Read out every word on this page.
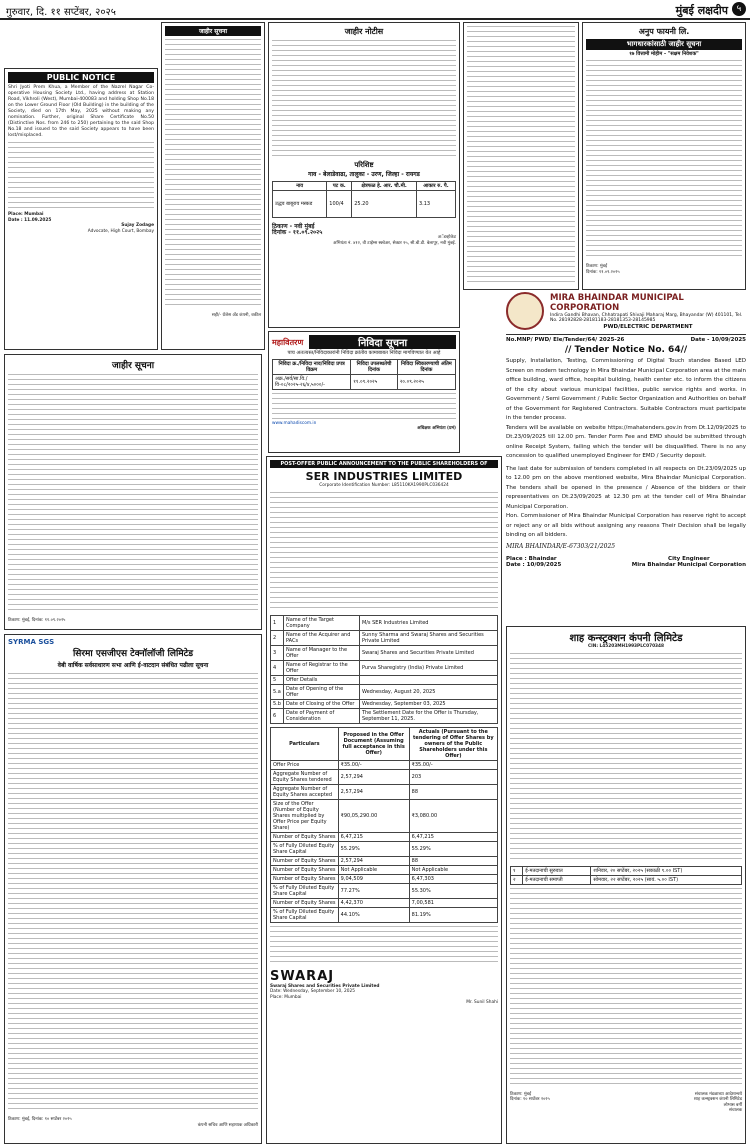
गुरुवार, दि. ११ सप्टेंबर, २०२५	मुंबई लक्षदीप ५
PUBLIC NOTICE
Shri Jyoti Prem Khua, a Member of the Nazrel Nagar Co-operative Housing Society Ltd., having address at Station Road, Vikhroli (West), Mumbai-400083 and holding Shop No.18 on the Lower Ground Floor (Old Building) in the building of the Society, died on 17th May, 2025 without making any nomination. Further, original Share Certificate No.50 (Distinctive Nos. from 246 to 250) pertaining to the said Shop No.18 and issued to the said Society appears to have been lost/misplaced.
Place: Mumbai
Date : 11.09.2025
Sujay Zodage
Advocate, High Court, Bombay
जाहीर सूचना
सही/- ग्रॅजेस अँड कंपनी, वकील
जाहीर नोटीस
परिशिष्ट
गाव - बेलाडेवाढा, तालुका - उरण, जिल्हा - रायगड
नाव	पट क.	क्षेत्रफळ हे. आर. चौ.मी.	आकार रु. पै.
उद्धव बाबूराव मस्कड	100/4	25.20	3.13
ठिकाण - नवी मुंबई
दिनांक - ११.०९.२०२५
अॅडव्होकेट
अभियंता नं. ४१२, वी टाईम्स स्क्वेअर, सेक्टर १५, सी.बी.डी. बेलापूर, नवी मुंबई.
महावितरण	निविदा सूचना
पाच अतःत्यस्त/निविदाकारांनी निविदा क्रांतीय कामाबाबत निविदा मागविण्यात येत आहे
निविदा क्र./निविदा नाव/निविदा प्रपत्र विक्रम	निविदा उपलब्धतेची दिनांक	निविदा स्विकारण्याची अंतिम दिनांक
अक्र./सर्व/सा.वि./वि-०८/२०२५-२६/४,५०००/-	११.०९.२०२५	२०.०९.२०२५
www.mahadiscom.in
अधिक्षक अभियंता (प्रमं)
जाहीर सूचना
ठिकाण: मुंबई, दिनांक: ११.०९.२०२५
SYRMA SGS
सिरमा एसजीएस टेक्नॉलॉजी लिमिटेड
वेबी वार्षिक सर्वसाधारण सभा आणि ई-वाटदान संबंधित पढीला सूचना
ठिकाण: मुंबई, दिनांक: १० सप्टेंबर २०२५
कंपनी सचिव आणि सहाय्यक अधिकारी
POST-OFFER PUBLIC ANNOUNCEMENT TO THE PUBLIC SHAREHOLDERS OF
SER INDUSTRIES LIMITED
Corporate Identification Number: L85110KA1990PLC036424
1	Name of the Target Company	M/s SER Industries Limited
2	Name of the Acquirer and PACs	Sunny Sharma and Swaraj Shares and Securities Private Limited
3	Name of Manager to the Offer	Swaraj Shares and Securities Private Limited
4	Name of Registrar to the Offer	Purva Sharegistry (India) Private Limited
5	Offer Details	
5.a	Date of Opening of the Offer	Wednesday, August 20, 2025
5.b	Date of Closing of the Offer	Wednesday, September 03, 2025
6	Date of Payment of Consideration	The Settlement Date for the Offer is Thursday, September 11, 2025.
Particulars	Proposed in the Offer Document (Assuming full acceptance in this Offer)	Actuals (Pursuant to the tendering of Offer Shares by owners of the Public Shareholders under this Offer)
Offer Price	₹35.00/-	₹35.00/-
Aggregate Number of Equity Shares tendered	2,57,294	203
Aggregate Number of Equity Shares accepted	2,57,294	88
Size of the Offer (Number of Equity Shares multiplied by Offer Price per Equity Share)	₹90,05,290.00	₹3,080.00
Number of Equity Shares	6,47,215	6,47,215
% of Fully Diluted Equity Share Capital	55.29%	55.29%
Number of Equity Shares	2,57,294	88
Number of Equity Shares	Not Applicable	Not Applicable
Number of Equity Shares	9,04,509	6,47,303
% of Fully Diluted Equity Share Capital	77.27%	55.30%
Number of Equity Shares	4,42,370	7,00,581
% of Fully Diluted Equity Share Capital	44.10%	81.19%
SWARAJ
Swaraj Shares and Securities Private Limited
Date: Wednesday, September 10, 2025
Place: Mumbai
Mr. Sunil Shahi
अनुप फायनी लि.
भागधारकांसाठी जाहीर सूचना
१७ वित्तामी मोहीम - "सक्षम निवेशक"
ठिकाण: मुंबई
दिनांक: ११.०९.२०२५
MIRA BHAINDAR MUNICIPAL CORPORATION
Indira Gandhi Bhavan, Chhatrapati Shivaji Maharaj Marg, Bhayandar (W) 401101, Tel. No. 28192828-28181183-28181353-28145985
PWD/ELECTRIC DEPARTMENT
No.MNP/ PWD/ Ele/Tender/64/ 2025-26	Date - 10/09/2025
// Tender Notice No. 64//
Supply, Installation, Testing, Commissioning of Digital Touch standee Based LED Screen on modern technology in Mira Bhaindar Municipal Corporation area at the main office building, ward office, hospital building, health center etc. to inform the citizens of the city about various municipal facilities, public service rights and works. in Government / Semi Government / Public Sector Organization and Authorities on behalf of the Government for Registered Contractors. Suitable Contractors must participate in the tender process.
Tenders will be available on website https://mahatenders.gov.in from Dt.12/09/2025 to Dt.23/09/2025 till 12.00 pm. Tender Form Fee and EMD should be submitted through online Receipt System, failing which the tender will be disqualified. There is no any concession to qualified unemployed Engineer for EMD / Security deposit.
The last date for submission of tenders completed in all respects on Dt.23/09/2025 up to 12.00 pm on the above mentioned website, Mira Bhaindar Municipal Corporation. The tenders shall be opened in the presence / Absence of the bidders or their representatives on Dt.23/09/2025 at 12.30 pm at the tender cell of Mira Bhaindar Municipal Corporation.
Hon. Commissioner of Mira Bhaindar Municipal Corporation has reserve right to accept or reject any or all bids without assigning any reasons Their Decision shall be legally binding on all bidders.
MIRA BHAINDAR/E-67303/21/2025
Place : Bhaindar
Date : 10/09/2025
City Engineer
Mira Bhaindar Municipal Corporation
शाह कन्स्ट्रक्शन कंपनी लिमिटेड
CIN: L45203MH1993PLC070348
१	ई-मतदानाची सुरुवात	शनिवार, २० सप्टेंबर, २०२५ (सकाळी ९.०० IST)
२	ई-मतदानाची समाप्ती	सोमवार, २२ सप्टेंबर, २०२५ (सायं. ५.०० IST)
ठिकाण: मुंबई
दिनांक: १० सप्टेंबर २०२५
संचालक मंडळाच्या आदेशान्वये
शाह कन्स्ट्रक्शन कंपनी लिमिटेड
लोभास बर्गी
संचालक
